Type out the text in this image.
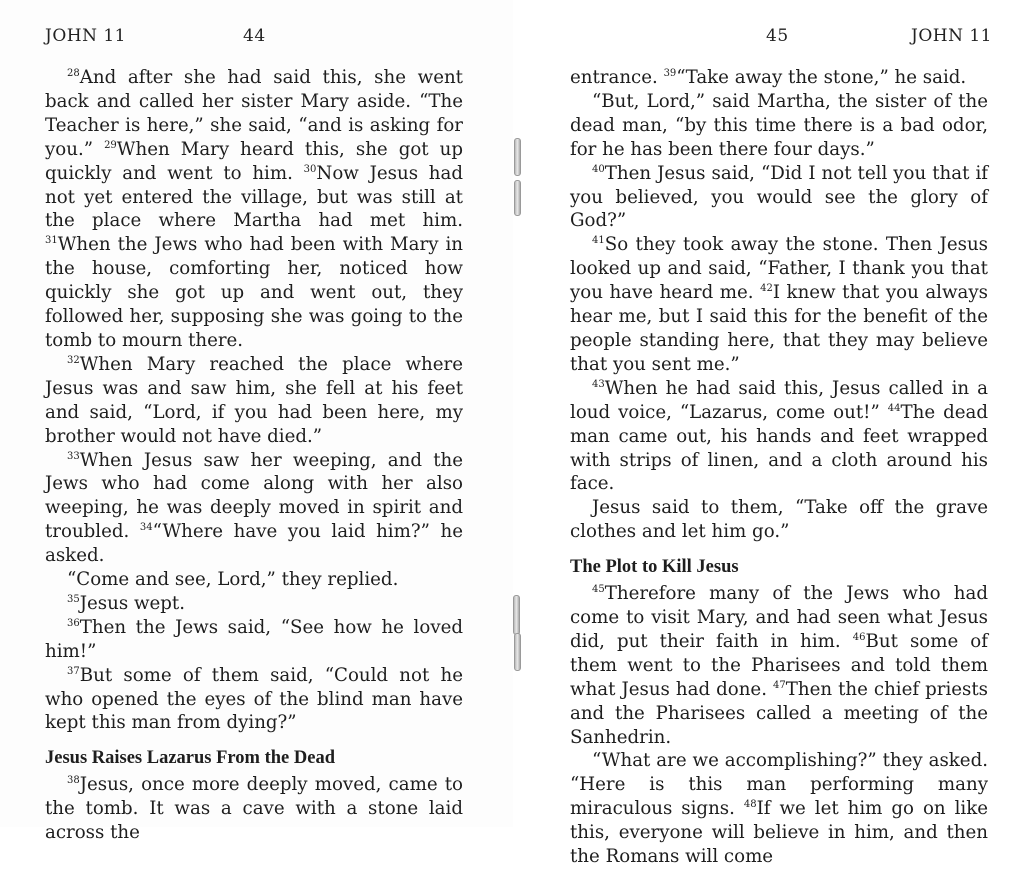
JOHN 11	44

$^{28}$And after she had said this, she went back and called her sister Mary aside. “The Teacher is here,” she said, “and is asking for you.” $^{29}$When Mary heard this, she got up quickly and went to him. $^{30}$Now Jesus had not yet entered the village, but was still at the place where Martha had met him. $^{31}$When the Jews who had been with Mary in the house, comforting her, noticed how quickly she got up and went out, they followed her, supposing she was going to the tomb to mourn there.

$^{32}$When Mary reached the place where Jesus was and saw him, she fell at his feet and said, “Lord, if you had been here, my brother would not have died.”

$^{33}$When Jesus saw her weeping, and the Jews who had come along with her also weeping, he was deeply moved in spirit and troubled. $^{34}$“Where have you laid him?” he asked.

“Come and see, Lord,” they replied.

$^{35}$Jesus wept.

$^{36}$Then the Jews said, “See how he loved him!”

$^{37}$But some of them said, “Could not he who opened the eyes of the blind man have kept this man from dying?”

Jesus Raises Lazarus From the Dead

$^{38}$Jesus, once more deeply moved, came to the tomb. It was a cave with a stone laid across the

45	JOHN 11

entrance. $^{39}$“Take away the stone,” he said.

“But, Lord,” said Martha, the sister of the dead man, “by this time there is a bad odor, for he has been there four days.”

$^{40}$Then Jesus said, “Did I not tell you that if you believed, you would see the glory of God?”

$^{41}$So they took away the stone. Then Jesus looked up and said, “Father, I thank you that you have heard me. $^{42}$I knew that you always hear me, but I said this for the benefit of the people standing here, that they may believe that you sent me.”

$^{43}$When he had said this, Jesus called in a loud voice, “Lazarus, come out!” $^{44}$The dead man came out, his hands and feet wrapped with strips of linen, and a cloth around his face.

Jesus said to them, “Take off the grave clothes and let him go.”

The Plot to Kill Jesus

$^{45}$Therefore many of the Jews who had come to visit Mary, and had seen what Jesus did, put their faith in him. $^{46}$But some of them went to the Pharisees and told them what Jesus had done. $^{47}$Then the chief priests and the Pharisees called a meeting of the Sanhedrin.

“What are we accomplishing?” they asked. “Here is this man performing many miraculous signs. $^{48}$If we let him go on like this, everyone will believe in him, and then the Romans will come
